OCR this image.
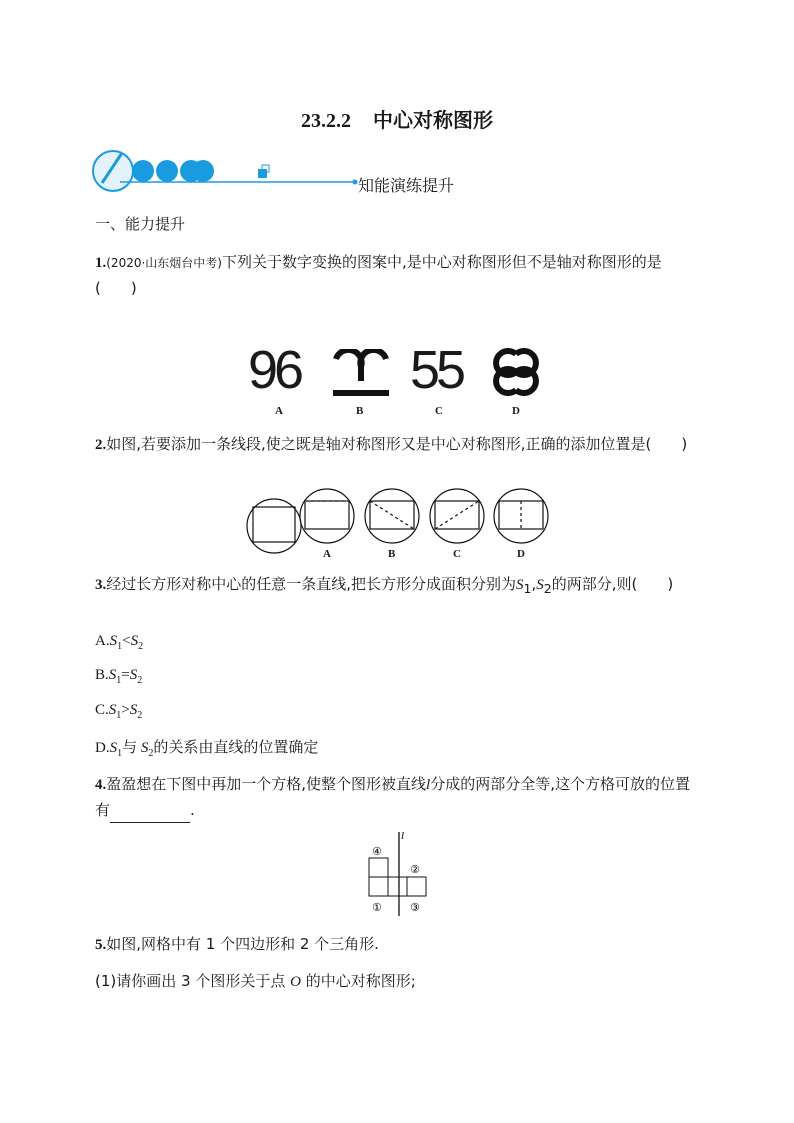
23.2.2 中心对称图形
知能演练提升
一、能力提升
1.(2020·山东烟台中考)下列关于数字变换的图案中,是中心对称图形但不是轴对称图形的是(　　)
96 55
A	B	C	D
2.如图,若要添加一条线段,使之既是轴对称图形又是中心对称图形,正确的添加位置是(　　)
A	B	C	D
3.经过长方形对称中心的任意一条直线,把长方形分成面积分别为$S_1,S_2$的两部分,则(　　)
$A.S_1<S_2$
$B.S_1=S_2$
$C.S_1>S_2$
$D.S_1$与 $S_2$的关系由直线的位置确定
4.盈盈想在下图中再加一个方格,使整个图形被直线l分成的两部分全等,这个方格可放的位置有	.
l
④
②
①	③
5.如图,网格中有 1 个四边形和 2 个三角形.
(1)请你画出 3 个图形关于点 O 的中心对称图形;
